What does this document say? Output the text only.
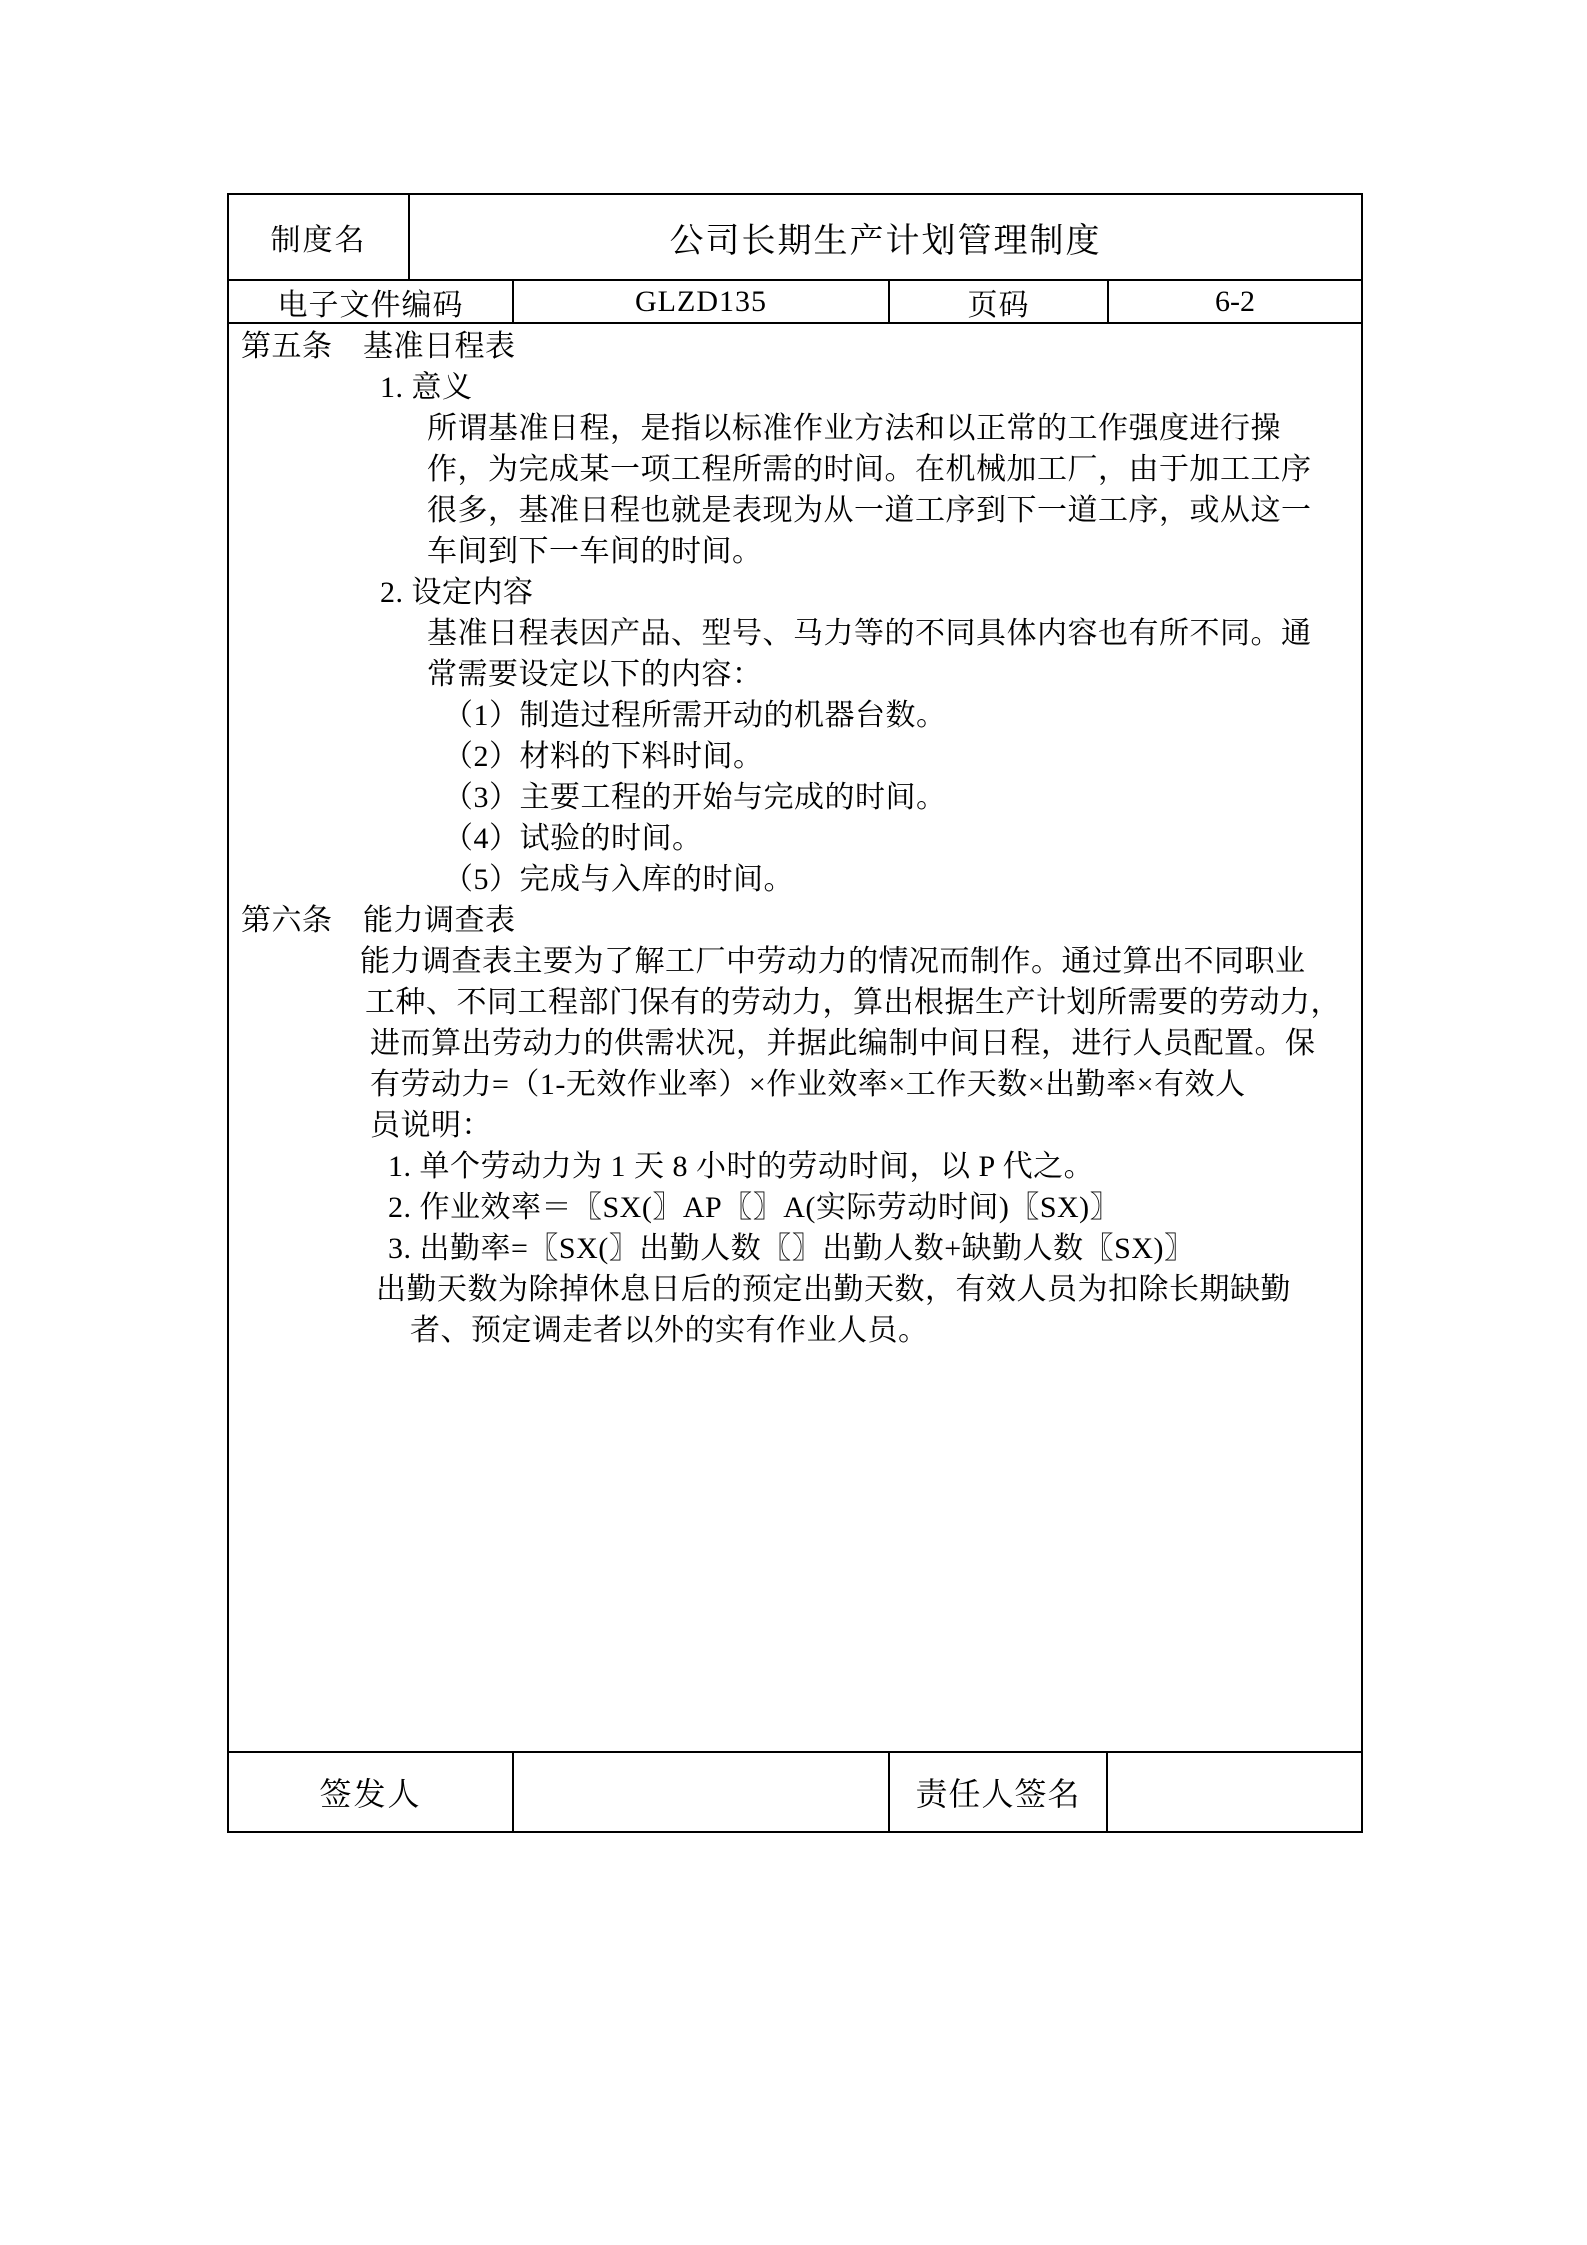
制度名	公司长期生产计划管理制度
电子文件编码	GLZD135	页码	6-2
第五条　基准日程表
1. 意义
所谓基准日程，是指以标准作业方法和以正常的工作强度进行操
作，为完成某一项工程所需的时间。在机械加工厂，由于加工工序
很多，基准日程也就是表现为从一道工序到下一道工序，或从这一
车间到下一车间的时间。
2. 设定内容
基准日程表因产品、型号、马力等的不同具体内容也有所不同。通
常需要设定以下的内容：
（1）制造过程所需开动的机器台数。
（2）材料的下料时间。
（3）主要工程的开始与完成的时间。
（4）试验的时间。
（5）完成与入库的时间。
第六条　能力调查表
能力调查表主要为了解工厂中劳动力的情况而制作。通过算出不同职业
工种、不同工程部门保有的劳动力，算出根据生产计划所需要的劳动力，
进而算出劳动力的供需状况，并据此编制中间日程，进行人员配置。保
有劳动力=（1-无效作业率）×作业效率×工作天数×出勤率×有效人
员说明：
1. 单个劳动力为 1 天 8 小时的劳动时间，以 P 代之。
2. 作业效率＝〖SX(〗AP〖〗A(实际劳动时间)〖SX)〗
3. 出勤率=〖SX(〗出勤人数〖〗出勤人数+缺勤人数〖SX)〗
出勤天数为除掉休息日后的预定出勤天数，有效人员为扣除长期缺勤
者、预定调走者以外的实有作业人员。
签发人	责任人签名
